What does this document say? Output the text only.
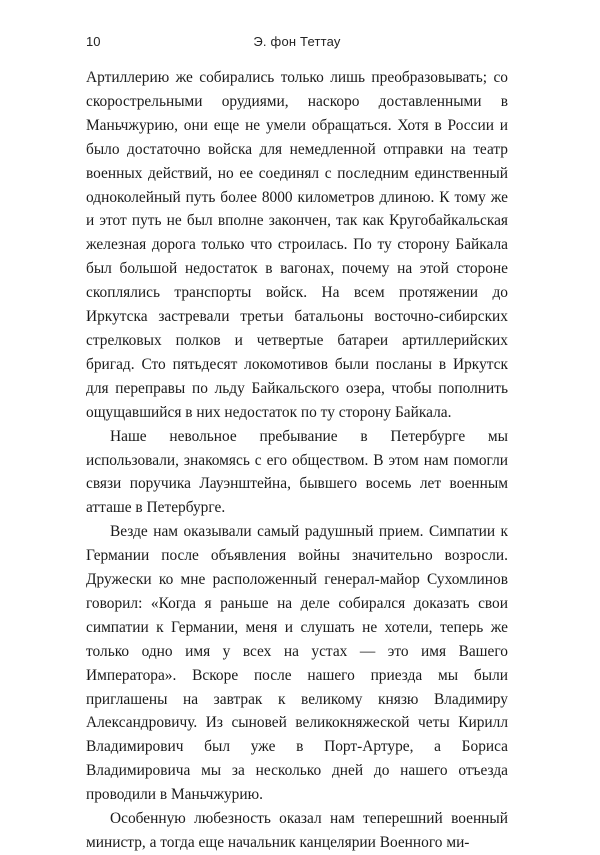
10	Э. фон Теттау

Артиллерию же собирались только лишь преобразовывать; со скорострельными орудиями, наскоро доставленными в Маньчжурию, они еще не умели обращаться. Хотя в России и было достаточно войска для немедленной отправки на театр военных действий, но ее соединял с последним единственный одноколейный путь более 8000 километров длиною. К тому же и этот путь не был вполне закончен, так как Кругобайкальская железная дорога только что строилась. По ту сторону Байкала был большой недостаток в вагонах, почему на этой стороне скоплялись транспорты войск. На всем протяжении до Иркутска застревали третьи батальоны восточно-сибирских стрелковых полков и четвертые батареи артиллерийских бригад. Сто пятьдесят локомотивов были посланы в Иркутск для переправы по льду Байкальского озера, чтобы пополнить ощущавшийся в них недостаток по ту сторону Байкала.

Наше невольное пребывание в Петербурге мы использовали, знакомясь с его обществом. В этом нам помогли связи поручика Лауэнштейна, бывшего восемь лет военным атташе в Петербурге.

Везде нам оказывали самый радушный прием. Симпатии к Германии после объявления войны значительно возросли. Дружески ко мне расположенный генерал-майор Сухомлинов говорил: «Когда я раньше на деле собирался доказать свои симпатии к Германии, меня и слушать не хотели, теперь же только одно имя у всех на устах — это имя Вашего Императора». Вскоре после нашего приезда мы были приглашены на завтрак к великому князю Владимиру Александровичу. Из сыновей великокняжеской четы Кирилл Владимирович был уже в Порт-Артуре, а Бориса Владимировича мы за несколько дней до нашего отъезда проводили в Маньчжурию.

Особенную любезность оказал нам теперешний военный министр, а тогда еще начальник канцелярии Военного ми-
